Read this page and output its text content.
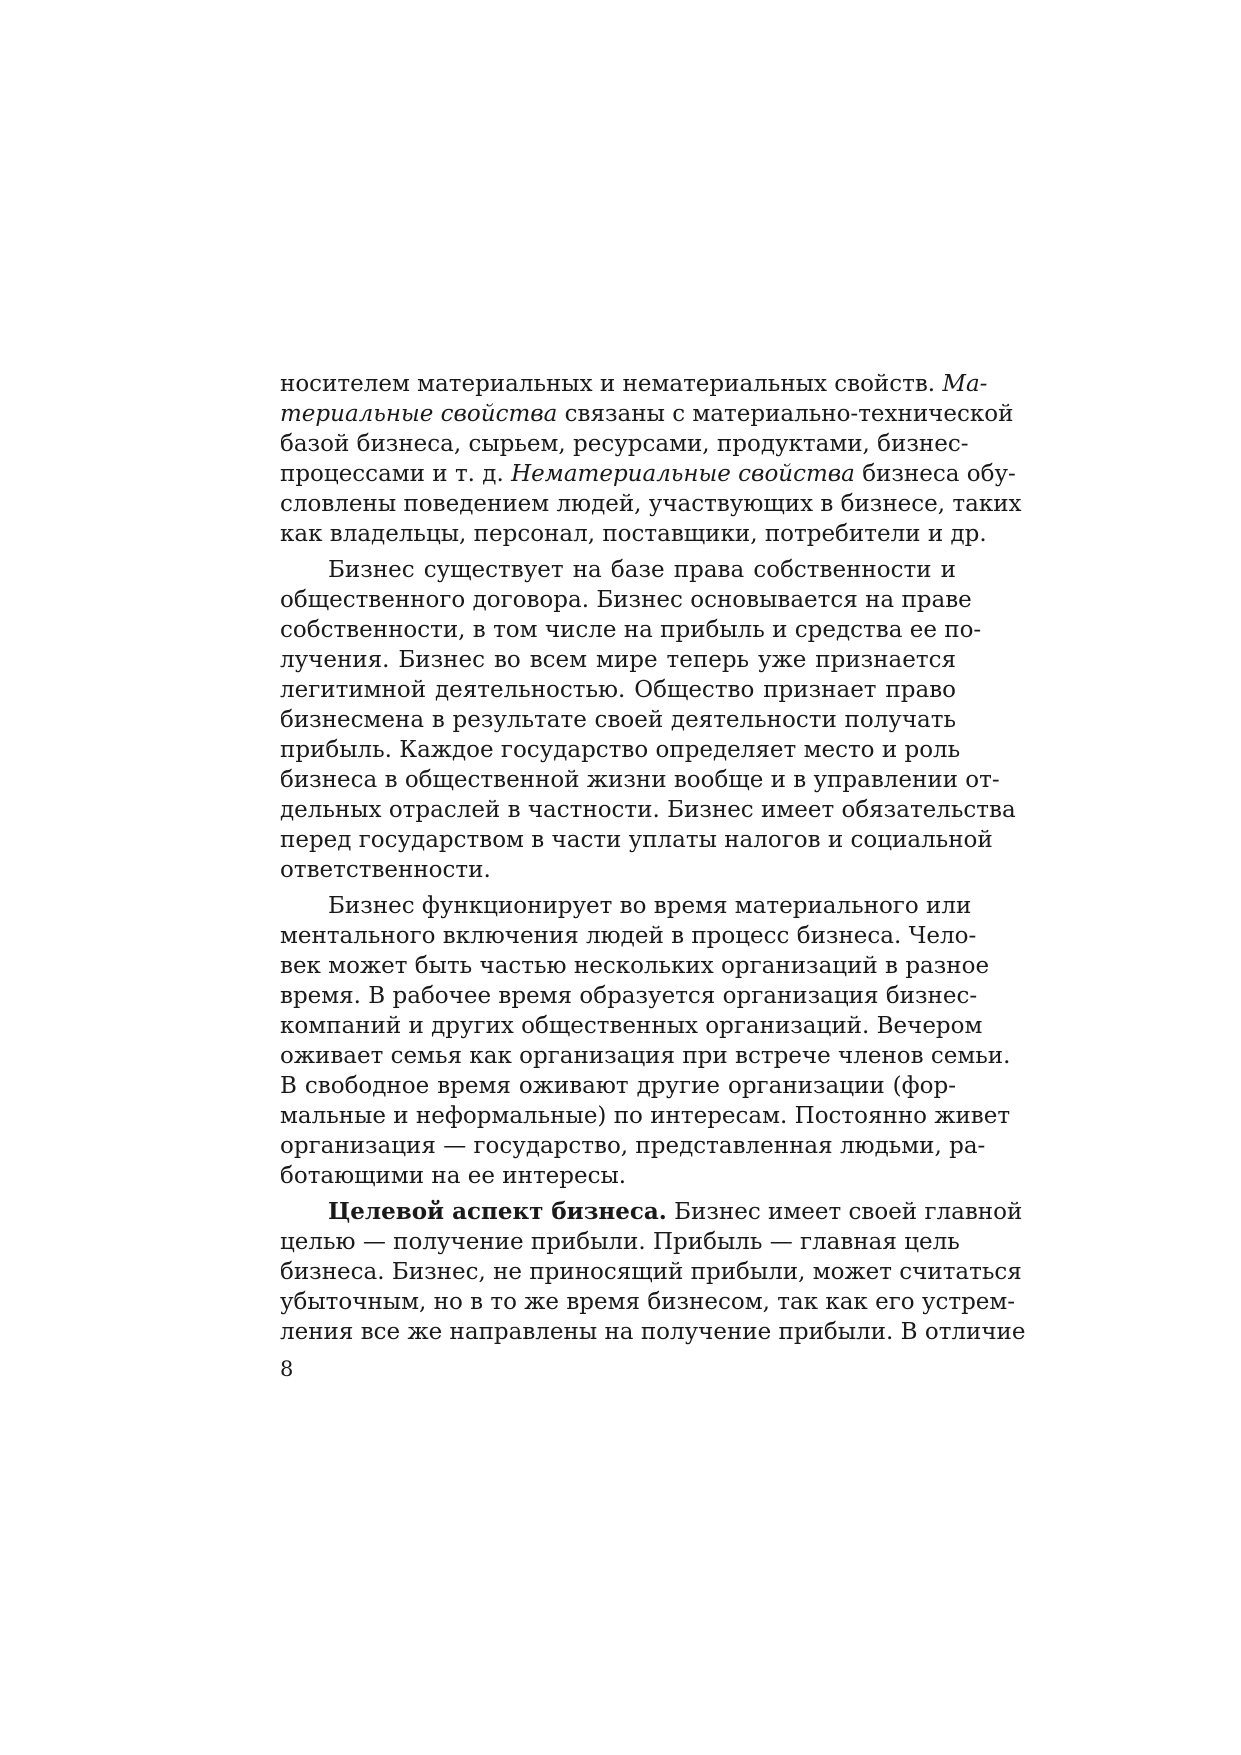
носителем материальных и нематериальных свойств. Ма-
териальные свойства связаны с материально-технической
базой бизнеса, сырьем, ресурсами, продуктами, бизнес-
процессами и т. д. Нематериальные свойства бизнеса обу-
словлены поведением людей, участвующих в бизнесе, таких
как владельцы, персонал, поставщики, потребители и др.
Бизнес существует на базе права собственности и
общественного договора. Бизнес основывается на праве
собственности, в том числе на прибыль и средства ее по-
лучения. Бизнес во всем мире теперь уже признается
легитимной деятельностью. Общество признает право
бизнесмена в результате своей деятельности получать
прибыль. Каждое государство определяет место и роль
бизнеса в общественной жизни вообще и в управлении от-
дельных отраслей в частности. Бизнес имеет обязательства
перед государством в части уплаты налогов и социальной
ответственности.
Бизнес функционирует во время материального или
ментального включения людей в процесс бизнеса. Чело-
век может быть частью нескольких организаций в разное
время. В рабочее время образуется организация бизнес-
компаний и других общественных организаций. Вечером
оживает семья как организация при встрече членов семьи.
В свободное время оживают другие организации (фор-
мальные и неформальные) по интересам. Постоянно живет
организация — государство, представленная людьми, ра-
ботающими на ее интересы.
Целевой аспект бизнеса. Бизнес имеет своей главной
целью — получение прибыли. Прибыль — главная цель
бизнеса. Бизнес, не приносящий прибыли, может считаться
убыточным, но в то же время бизнесом, так как его устрем-
ления все же направлены на получение прибыли. В отличие
8
